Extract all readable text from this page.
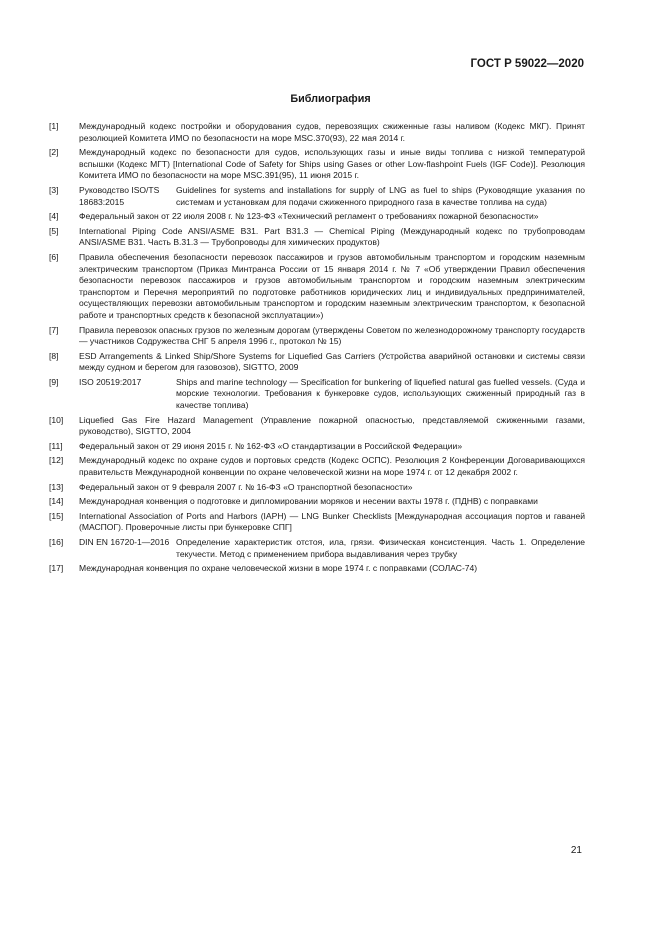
ГОСТ Р 59022—2020
Библиография
[1] Международный кодекс постройки и оборудования судов, перевозящих сжиженные газы наливом (Кодекс МКГ). Принят резолюцией Комитета ИМО по безопасности на море MSC.370(93), 22 мая 2014 г.
[2] Международный кодекс по безопасности для судов, использующих газы и иные виды топлива с низкой температурой вспышки (Кодекс МГТ) [International Code of Safety for Ships using Gases or other Low-flashpoint Fuels (IGF Code)]. Резолюция Комитета ИМО по безопасности на море MSC.391(95), 11 июня 2015 г.
[3] Руководство ISO/TS 18683:2015
Guidelines for systems and installations for supply of LNG as fuel to ships (Руководящие указания по системам и установкам для подачи сжиженного природного газа в качестве топлива на суда)
[4] Федеральный закон от 22 июля 2008 г. № 123-ФЗ «Технический регламент о требованиях пожарной безопасности»
[5] International Piping Code ANSI/ASME B31. Part B31.3 — Chemical Piping (Международный кодекс по трубопроводам ANSI/ASME B31. Часть В.31.3 — Трубопроводы для химических продуктов)
[6] Правила обеспечения безопасности перевозок пассажиров и грузов автомобильным транспортом и городским наземным электрическим транспортом (Приказ Минтранса России от 15 января 2014 г. № 7 «Об утверждении Правил обеспечения безопасности перевозок пассажиров и грузов автомобильным транспортом и городским наземным электрическим транспортом и Перечня мероприятий по подготовке работников юридических лиц и индивидуальных предпринимателей, осуществляющих перевозки автомобильным транспортом и городским наземным электрическим транспортом, к безопасной работе и транспортных средств к безопасной эксплуатации»)
[7] Правила перевозок опасных грузов по железным дорогам (утверждены Советом по железнодорожному транспорту государств — участников Содружества СНГ 5 апреля 1996 г., протокол № 15)
[8] ESD Arrangements & Linked Ship/Shore Systems for Liquefied Gas Carriers (Устройства аварийной остановки и системы связи между судном и берегом для газовозов), SIGTTO, 2009
[9] ISO 20519:2017	Ships and marine technology — Specification for bunkering of liquefied natural gas fuelled vessels. (Суда и морские технологии. Требования к бункеровке судов, использующих сжиженный природный газ в качестве топлива)
[10] Liquefied Gas Fire Hazard Management (Управление пожарной опасностью, представляемой сжиженными газами, руководство), SIGTTO, 2004
[11] Федеральный закон от 29 июня 2015 г. № 162-ФЗ «О стандартизации в Российской Федерации»
[12] Международный кодекс по охране судов и портовых средств (Кодекс ОСПС). Резолюция 2 Конференции Договаривающихся правительств Международной конвенции по охране человеческой жизни на море 1974 г. от 12 декабря 2002 г.
[13] Федеральный закон от 9 февраля 2007 г. № 16-ФЗ «О транспортной безопасности»
[14] Международная конвенция о подготовке и дипломировании моряков и несении вахты 1978 г. (ПДНВ) с поправками
[15] International Association of Ports and Harbors (IAPH) — LNG Bunker Checklists [Международная ассоциация портов и гаваней (МАСПОГ). Проверочные листы при бункеровке СПГ]
[16] DIN EN 16720-1—2016 Определение характеристик отстоя, ила, грязи. Физическая консистенция. Часть 1. Определение текучести. Метод с применением прибора выдавливания через трубку
[17] Международная конвенция по охране человеческой жизни в море 1974 г. с поправками (СОЛАС-74)
21
